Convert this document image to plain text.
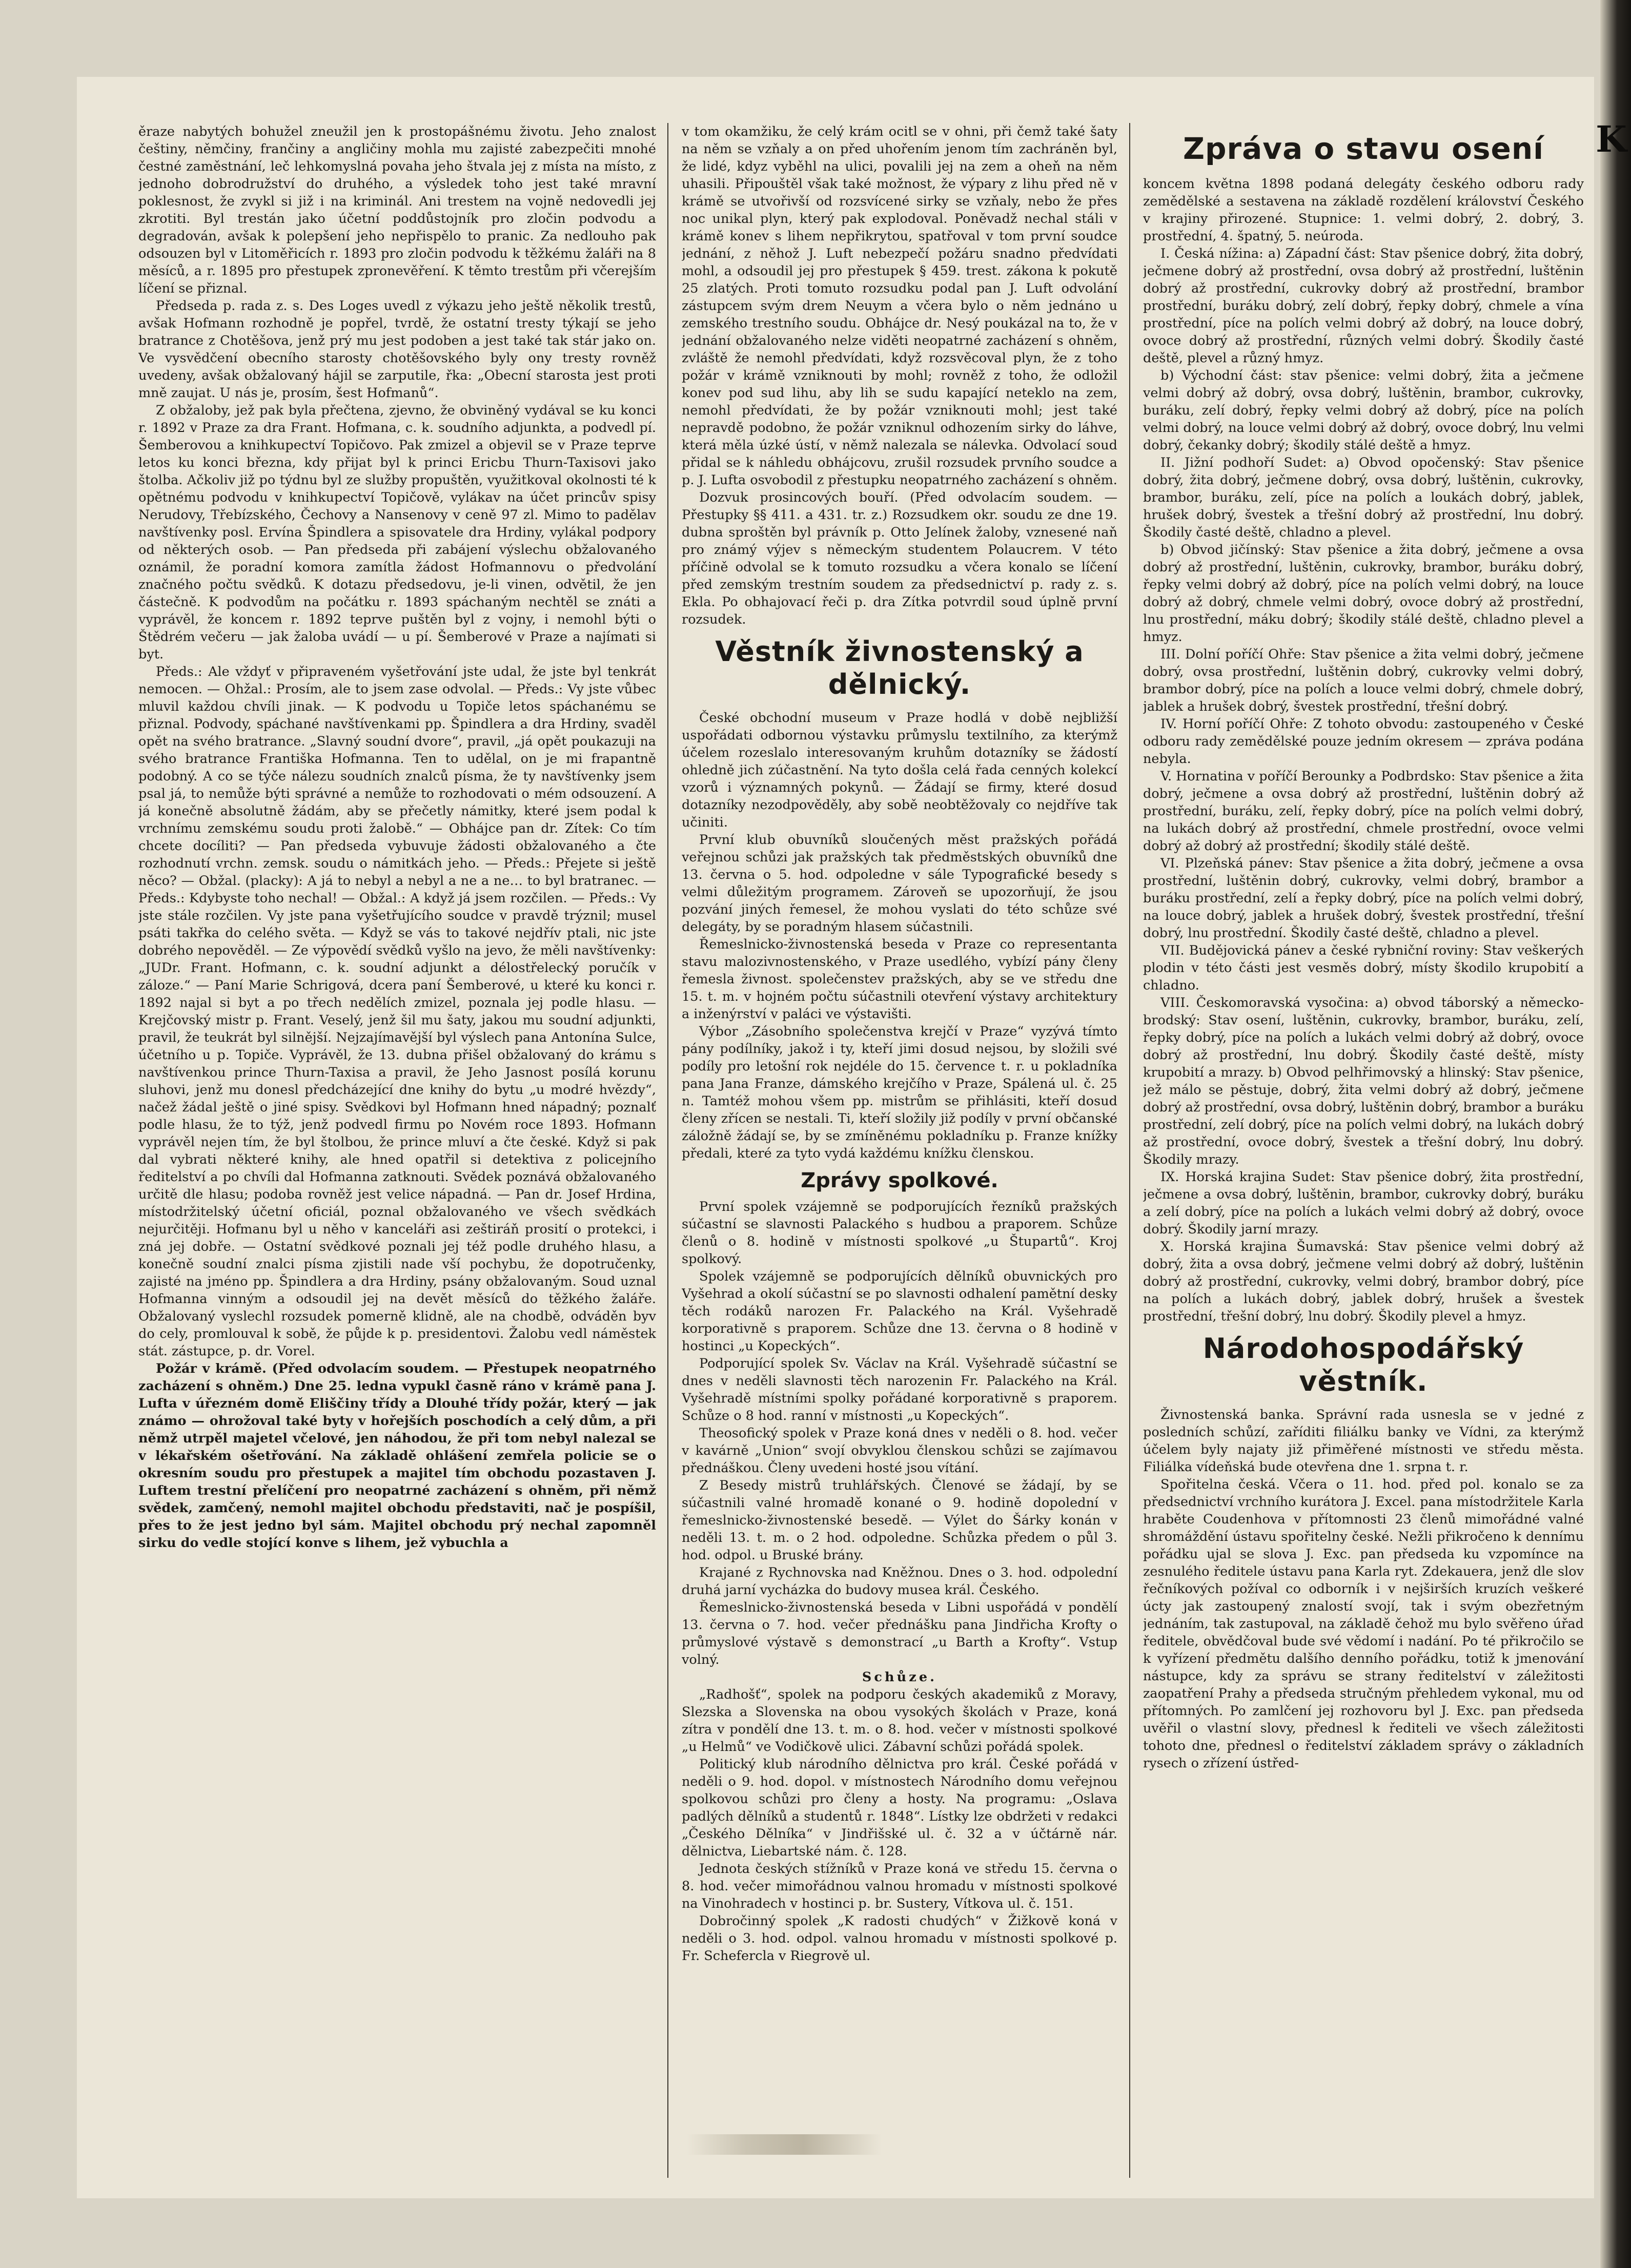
ěraze nabytých bohužel zneužil jen k prostopášnému životu. Jeho znalost češtiny, němčiny, frančiny a angličiny mohla mu zajisté zabezpečiti mnohé čestné zaměstnání, leč lehkomyslná povaha jeho štvala jej z místa na místo, z jednoho dobrodružství do druhého, a výsledek toho jest také mravní poklesnost, že zvykl si již i na kriminál. Ani trestem na vojně nedovedli jej zkrotiti. Byl trestán jako účetní poddůstojník pro zločin podvodu a degradován, avšak k polepšení jeho nepřispělo to pranic. Za nedlouho pak odsouzen byl v Litoměřicích r. 1893 pro zločin podvodu k těžkému žaláři na 8 měsíců, a r. 1895 pro přestupek zpronevěření. K těmto trestům při včerejším líčení se přiznal.

Předseda p. rada z. s. Des Loges uvedl z výkazu jeho ještě několik trestů, avšak Hofmann rozhodně je popřel, tvrdě, že ostatní tresty týkají se jeho bratrance z Chotěšova, jenž prý mu jest podoben a jest také tak stár jako on. Ve vysvědčení obecního starosty chotěšovského byly ony tresty rovněž uvedeny, avšak obžalovaný hájil se zarputile, řka: „Obecní starosta jest proti mně zaujat. U nás je, prosím, šest Hofmanů“.

Z obžaloby, jež pak byla přečtena, zjevno, že obviněný vydával se ku konci r. 1892 v Praze za dra Frant. Hofmana, c. k. soudního adjunkta, a podvedl pí. Šemberovou a knihkupectví Topičovo. Pak zmizel a objevil se v Praze teprve letos ku konci března, kdy přijat byl k princi Ericbu Thurn-Taxisovi jako štolba. Ačkoliv již po týdnu byl ze služby propuštěn, využitkoval okolnosti té k opětnému podvodu v knihkupectví Topičově, vylákav na účet princův spisy Nerudovy, Třebízského, Čechovy a Nansenovy v ceně 97 zl. Mimo to padělav navštívenky posl. Ervína Špindlera a spisovatele dra Hrdiny, vylákal podpory od některých osob. — Pan předseda při zabájení výslechu obžalovaného oznámil, že poradní komora zamítla žádost Hofmannovu o předvolání značného počtu svědků. K dotazu předsedovu, je-li vinen, odvětil, že jen částečně. K podvodům na počátku r. 1893 spáchaným nechtěl se znáti a vyprávěl, že koncem r. 1892 teprve puštěn byl z vojny, i nemohl býti o Štědrém večeru — jak žaloba uvádí — u pí. Šemberové v Praze a najímati si byt.

Předs.: Ale vždyť v připraveném vyšetřování jste udal, že jste byl tenkrát nemocen. — Ohžal.: Prosím, ale to jsem zase odvolal. — Předs.: Vy jste vůbec mluvil každou chvíli jinak. — K podvodu u Topiče letos spáchanému se přiznal. Podvody, spáchané navštívenkami pp. Špindlera a dra Hrdiny, svaděl opět na svého bratrance. „Slavný soudní dvore“, pravil, „já opět poukazuji na svého bratrance Františka Hofmanna. Ten to udělal, on je mi frapantně podobný. A co se týče nálezu soudních znalců písma, že ty navštívenky jsem psal já, to nemůže býti správné a nemůže to rozhodovati o mém odsouzení. A já konečně absolutně žádám, aby se přečetly námitky, které jsem podal k vrchnímu zemskému soudu proti žalobě.“ — Obhájce pan dr. Zítek: Co tím chcete docíliti? — Pan předseda vybuvuje žádosti obžalovaného a čte rozhodnutí vrchn. zemsk. soudu o námitkách jeho. — Předs.: Přejete si ještě něco? — Obžal. (placky): A já to nebyl a nebyl a ne a ne… to byl bratranec. — Předs.: Kdybyste toho nechal! — Obžal.: A když já jsem rozčilen. — Předs.: Vy jste stále rozčilen. Vy jste pana vyšetřujícího soudce v pravdě trýznil; musel psáti takřka do celého světa. — Když se vás to takové nejdřív ptali, nic jste dobrého nepověděl. — Ze výpovědí svědků vyšlo na jevo, že měli navštívenky: „JUDr. Frant. Hofmann, c. k. soudní adjunkt a délostřelecký poručík v záloze.“ — Paní Marie Schrigová, dcera paní Šemberové, u které ku konci r. 1892 najal si byt a po třech nedělích zmizel, poznala jej podle hlasu. — Krejčovský mistr p. Frant. Veselý, jenž šil mu šaty, jakou mu soudní adjunkti, pravil, že teukrát byl silnější. Nejzajímavější byl výslech pana Antonína Sulce, účetního u p. Topiče. Vyprávěl, že 13. dubna přišel obžalovaný do krámu s navštívenkou prince Thurn-Taxisa a pravil, že Jeho Jasnost posílá korunu sluhovi, jenž mu donesl předcházející dne knihy do bytu „u modré hvězdy“, načež žádal ještě o jiné spisy. Svědkovi byl Hofmann hned nápadný; poznalť podle hlasu, že to týž, jenž podvedl firmu po Novém roce 1893. Hofmann vyprávěl nejen tím, že byl štolbou, že prince mluví a čte české. Když si pak dal vybrati některé knihy, ale hned opatřil si detektiva z policejního ředitelství a po chvíli dal Hofmanna zatknouti. Svědek poznává obžalovaného určitě dle hlasu; podoba rovněž jest velice nápadná. — Pan dr. Josef Hrdina, místodržitelský účetní oficiál, poznal obžalovaného ve všech svědkách nejurčitěji. Hofmanu byl u něho v kanceláři asi zeštiráň prosití o protekci, i zná jej dobře. — Ostatní svědkové poznali jej též podle druhého hlasu, a konečně soudní znalci písma zjistili nade vší pochybu, že dopotručenky, zajisté na jméno pp. Špindlera a dra Hrdiny, psány obžalovaným. Soud uznal Hofmanna vinným a odsoudil jej na devět měsíců do těžkého žaláře. Obžalovaný vyslechl rozsudek pomerně klidně, ale na chodbě, odváděn byv do cely, promlouval k sobě, že půjde k p. presidentovi. Žalobu vedl náměstek stát. zástupce, p. dr. Vorel.

Požár v krámě. (Před odvolacím soudem. — Přestupek neopatrného zacházení s ohněm.) Dne 25. ledna vypukl časně ráno v krámě pana J. Lufta v úřezném domě Eliščiny třídy a Dlouhé třídy požár, který — jak známo — ohrožoval také byty v hořejších poschodích a celý dům, a při němž utrpěl majetel včelové, jen náhodou, že při tom nebyl nalezal se v lékařském ošetřování. Na základě ohlášení zemřela policie se o okresním soudu pro přestupek a majitel tím obchodu pozastaven J. Luftem trestní přelíčení pro neopatrné zacházení s ohněm, při němž svědek, zamčený, nemohl majitel obchodu představiti, nač je pospíšil, přes to že jest jedno byl sám. Majitel obchodu prý nechal zapomněl sirku do vedle stojící konve s lihem, jež vybuchla a

v tom okamžiku, že celý krám ocitl se v ohni, při čemž také šaty na něm se vzňaly a on před uhořením jenom tím zachráněn byl, že lidé, kdyz vyběhl na ulici, povalili jej na zem a oheň na něm uhasili. Připouštěl však také možnost, že výpary z lihu před ně v krámě se utvořivší od rozsvícené sirky se vzňaly, nebo že přes noc unikal plyn, který pak explodoval. Poněvadž nechal stáli v krámě konev s lihem nepřikrytou, spatřoval v tom první soudce jednání, z něhož J. Luft nebezpečí požáru snadno předvídati mohl, a odsoudil jej pro přestupek § 459. trest. zákona k pokutě 25 zlatých. Proti tomuto rozsudku podal pan J. Luft odvolání zástupcem svým drem Neuym a včera bylo o něm jednáno u zemského trestního soudu. Obhájce dr. Nesý poukázal na to, že v jednání obžalovaného nelze viděti neopatrné zacházení s ohněm, zvláště že nemohl předvídati, když rozsvěcoval plyn, že z toho požár v krámě vzniknouti by mohl; rovněž z toho, že odložil konev pod sud lihu, aby lih se sudu kapající neteklo na zem, nemohl předvídati, že by požár vzniknouti mohl; jest také nepravdě podobno, že požár vzniknul odhozením sirky do láhve, která měla úzké ústí, v němž nalezala se nálevka. Odvolací soud přidal se k náhledu obhájcovu, zrušil rozsudek prvního soudce a p. J. Lufta osvobodil z přestupku neopatrného zacházení s ohněm.

Dozvuk prosincových bouří. (Před odvolacím soudem. — Přestupky §§ 411. a 431. tr. z.) Rozsudkem okr. soudu ze dne 19. dubna sproštěn byl právník p. Otto Jelínek žaloby, vznesené naň pro známý výjev s německým studentem Polaucrem. V této příčině odvolal se k tomuto rozsudku a včera konalo se líčení před zemským trestním soudem za předsednictví p. rady z. s. Ekla. Po obhajovací řeči p. dra Zítka potvrdil soud úplně první rozsudek.

Věstník živnostenský a dělnický.

České obchodní museum v Praze hodlá v době nejbližší uspořádati odbornou výstavku průmyslu textilního, za kterýmž účelem rozeslalo interesovaným kruhům dotazníky se žádostí ohledně jich zúčastnění. Na tyto došla celá řada cenných kolekcí vzorů i významných pokynů. — Žádají se firmy, které dosud dotazníky nezodpověděly, aby sobě neobtěžovaly co nejdříve tak učiniti.

První klub obuvníků sloučených měst pražských pořádá veřejnou schůzi jak pražských tak předměstských obuvníků dne 13. června o 5. hod. odpoledne v sále Typografické besedy s velmi důležitým programem. Zároveň se upozorňují, že jsou pozvání jiných řemesel, že mohou vyslati do této schůze své delegáty, by se poradným hlasem súčastnili.

Řemeslnicko-živnostenská beseda v Praze co representanta stavu malozivnostenského, v Praze usedlého, vybízí pány členy řemesla živnost. společenstev pražských, aby se ve středu dne 15. t. m. v hojném počtu súčastnili otevření výstavy architektury a inženýrství v paláci ve výstavišti.

Výbor „Zásobního společenstva krejčí v Praze“ vyzývá tímto pány podílníky, jakož i ty, kteří jimi dosud nejsou, by složili své podíly pro letošní rok nejdéle do 15. července t. r. u pokladníka pana Jana Franze, dámského krejčího v Praze, Spálená ul. č. 25 n. Tamtéž mohou všem pp. mistrům se přihlásiti, kteří dosud členy zřícen se nestali. Ti, kteří složily již podíly v první občanské záložně žádají se, by se zmíněnému pokladníku p. Franze knížky předali, které za tyto vydá každému knížku členskou.

Zprávy spolkové.

První spolek vzájemně se podporujících řezníků pražských súčastní se slavnosti Palackého s hudbou a praporem. Schůze členů o 8. hodině v místnosti spolkové „u Štupartů“. Kroj spolkový.

Spolek vzájemně se podporujících dělníků obuvnických pro Vyšehrad a okolí súčastní se po slavnosti odhalení pamětní desky těch rodáků narozen Fr. Palackého na Král. Vyšehradě korporativně s praporem. Schůze dne 13. června o 8 hodině v hostinci „u Kopeckých“.

Podporující spolek Sv. Václav na Král. Vyšehradě súčastní se dnes v neděli slavnosti těch narozenin Fr. Palackého na Král. Vyšehradě místními spolky pořádané korporativně s praporem. Schůze o 8 hod. ranní v místnosti „u Kopeckých“.

Theosofický spolek v Praze koná dnes v neděli o 8. hod. večer v kavárně „Union“ svojí obvyklou členskou schůzi se zajímavou přednáškou. Členy uvedeni hosté jsou vítání.

Z Besedy mistrů truhlářských. Členové se žádají, by se súčastnili valné hromadě konané o 9. hodině dopolední v řemeslnicko-živnostenské besedě. — Výlet do Šárky konán v neděli 13. t. m. o 2 hod. odpoledne. Schůzka předem o půl 3. hod. odpol. u Bruské brány.

Krajané z Rychnovska nad Kněžnou. Dnes o 3. hod. odpolední druhá jarní vycházka do budovy musea král. Českého.

Řemeslnicko-živnostenská beseda v Libni uspořádá v pondělí 13. června o 7. hod. večer přednášku pana Jindřicha Krofty o průmyslové výstavě s demonstrací „u Barth a Krofty“. Vstup volný.

Schůze.

„Radhošť“, spolek na podporu českých akademiků z Moravy, Slezska a Slovenska na obou vysokých školách v Praze, koná zítra v pondělí dne 13. t. m. o 8. hod. večer v místnosti spolkové „u Helmů“ ve Vodičkově ulici. Zábavní schůzi pořádá spolek.

Politický klub národního dělnictva pro král. České pořádá v neděli o 9. hod. dopol. v místnostech Národního domu veřejnou spolkovou schůzi pro členy a hosty. Na programu: „Oslava padlých dělníků a studentů r. 1848“. Lístky lze obdržeti v redakci „Českého Dělníka“ v Jindřišské ul. č. 32 a v účtárně nár. dělnictva, Liebartské nám. č. 128.

Jednota českých stížníků v Praze koná ve středu 15. června o 8. hod. večer mimořádnou valnou hromadu v místnosti spolkové na Vinohradech v hostinci p. br. Sustery, Vítkova ul. č. 151.

Dobročinný spolek „K radosti chudých“ v Žižkově koná v neděli o 3. hod. odpol. valnou hromadu v místnosti spolkové p. Fr. Schefercla v Riegrově ul.

Zpráva o stavu osení

koncem května 1898 podaná delegáty českého odboru rady zemědělské a sestavena na základě rozdělení království Českého v krajiny přirozené. Stupnice: 1. velmi dobrý, 2. dobrý, 3. prostřední, 4. špatný, 5. neúroda.

I. Česká nížina: a) Západní část: Stav pšenice dobrý, žita dobrý, ječmene dobrý až prostřední, ovsa dobrý až prostřední, luštěnin dobrý až prostřední, cukrovky dobrý až prostřední, brambor prostřední, buráku dobrý, zelí dobrý, řepky dobrý, chmele a vína prostřední, píce na polích velmi dobrý až dobrý, na louce dobrý, ovoce dobrý až prostřední, různých velmi dobrý. Škodily časté deště, plevel a různý hmyz.

b) Východní část: stav pšenice: velmi dobrý, žita a ječmene velmi dobrý až dobrý, ovsa dobrý, luštěnin, brambor, cukrovky, buráku, zelí dobrý, řepky velmi dobrý až dobrý, píce na polích velmi dobrý, na louce velmi dobrý až dobrý, ovoce dobrý, lnu velmi dobrý, čekanky dobrý; škodily stálé deště a hmyz.

II. Jižní podhoří Sudet: a) Obvod opočenský: Stav pšenice dobrý, žita dobrý, ječmene dobrý, ovsa dobrý, luštěnin, cukrovky, brambor, buráku, zelí, píce na polích a loukách dobrý, jablek, hrušek dobrý, švestek a třešní dobrý až prostřední, lnu dobrý. Škodily časté deště, chladno a plevel.

b) Obvod jičínský: Stav pšenice a žita dobrý, ječmene a ovsa dobrý až prostřední, luštěnin, cukrovky, brambor, buráku dobrý, řepky velmi dobrý až dobrý, píce na polích velmi dobrý, na louce dobrý až dobrý, chmele velmi dobrý, ovoce dobrý až prostřední, lnu prostřední, máku dobrý; škodily stálé deště, chladno plevel a hmyz.

III. Dolní poříčí Ohře: Stav pšenice a žita velmi dobrý, ječmene dobrý, ovsa prostřední, luštěnin dobrý, cukrovky velmi dobrý, brambor dobrý, píce na polích a louce velmi dobrý, chmele dobrý, jablek a hrušek dobrý, švestek prostřední, třešní dobrý.

IV. Horní poříčí Ohře: Z tohoto obvodu: zastoupeného v České odboru rady zemědělské pouze jedním okresem — zpráva podána nebyla.

V. Hornatina v poříčí Berounky a Podbrdsko: Stav pšenice a žita dobrý, ječmene a ovsa dobrý až prostřední, luštěnin dobrý až prostřední, buráku, zelí, řepky dobrý, píce na polích velmi dobrý, na lukách dobrý až prostřední, chmele prostřední, ovoce velmi dobrý až dobrý až prostřední; škodily stálé deště.

VI. Plzeňská pánev: Stav pšenice a žita dobrý, ječmene a ovsa prostřední, luštěnin dobrý, cukrovky, velmi dobrý, brambor a buráku prostřední, zelí a řepky dobrý, píce na polích velmi dobrý, na louce dobrý, jablek a hrušek dobrý, švestek prostřední, třešní dobrý, lnu prostřední. Škodily časté deště, chladno a plevel.

VII. Budějovická pánev a české rybniční roviny: Stav veškerých plodin v této části jest vesměs dobrý, místy škodilo krupobití a chladno.

VIII. Českomoravská vysočina: a) obvod táborský a německo-brodský: Stav osení, luštěnin, cukrovky, brambor, buráku, zelí, řepky dobrý, píce na polích a lukách velmi dobrý až dobrý, ovoce dobrý až prostřední, lnu dobrý. Škodily časté deště, místy krupobití a mrazy. b) Obvod pelhřimovský a hlinský: Stav pšenice, jež málo se pěstuje, dobrý, žita velmi dobrý až dobrý, ječmene dobrý až prostřední, ovsa dobrý, luštěnin dobrý, brambor a buráku prostřední, zelí dobrý, píce na polích velmi dobrý, na lukách dobrý až prostřední, ovoce dobrý, švestek a třešní dobrý, lnu dobrý. Škodily mrazy.

IX. Horská krajina Sudet: Stav pšenice dobrý, žita prostřední, ječmene a ovsa dobrý, luštěnin, brambor, cukrovky dobrý, buráku a zelí dobrý, píce na polích a lukách velmi dobrý až dobrý, ovoce dobrý. Škodily jarní mrazy.

X. Horská krajina Šumavská: Stav pšenice velmi dobrý až dobrý, žita a ovsa dobrý, ječmene velmi dobrý až dobrý, luštěnin dobrý až prostřední, cukrovky, velmi dobrý, brambor dobrý, píce na polích a lukách dobrý, jablek dobrý, hrušek a švestek prostřední, třešní dobrý, lnu dobrý. Škodily plevel a hmyz.

Národohospodářský věstník.

Živnostenská banka. Správní rada usnesla se v jedné z posledních schůzí, zaříditi filiálku banky ve Vídni, za kterýmž účelem byly najaty již přiměřené místnosti ve středu města. Filiálka vídeňská bude otevřena dne 1. srpna t. r.

Spořitelna česká. Včera o 11. hod. před pol. konalo se za předsednictví vrchního kurátora J. Excel. pana místodržitele Karla hraběte Coudenhova v přítomnosti 23 členů mimořádné valné shromáždění ústavu spořitelny české. Nežli přikročeno k dennímu pořádku ujal se slova J. Exc. pan předseda ku vzpomínce na zesnulého ředitele ústavu pana Karla ryt. Zdekauera, jenž dle slov řečníkových požíval co odborník i v nejširších kruzích veškeré úcty jak zastoupený znalostí svojí, tak i svým obezřetným jednáním, tak zastupoval, na základě čehož mu bylo svěřeno úřad ředitele, obvědčoval bude své vědomí i nadání. Po té přikročilo se k vyřízení předmětu dalšího denního pořádku, totiž k jmenování nástupce, kdy za správu se strany ředitelství v záležitosti zaopatření Prahy a předseda stručným přehledem vykonal, mu od přítomných. Po zamlčení jej rozhovoru byl J. Exc. pan předseda uvěřil o vlastní slovy, přednesl k řediteli ve všech záležitosti tohoto dne, přednesl o ředitelství základem správy o základních rysech o zřízení ústřed-

K
